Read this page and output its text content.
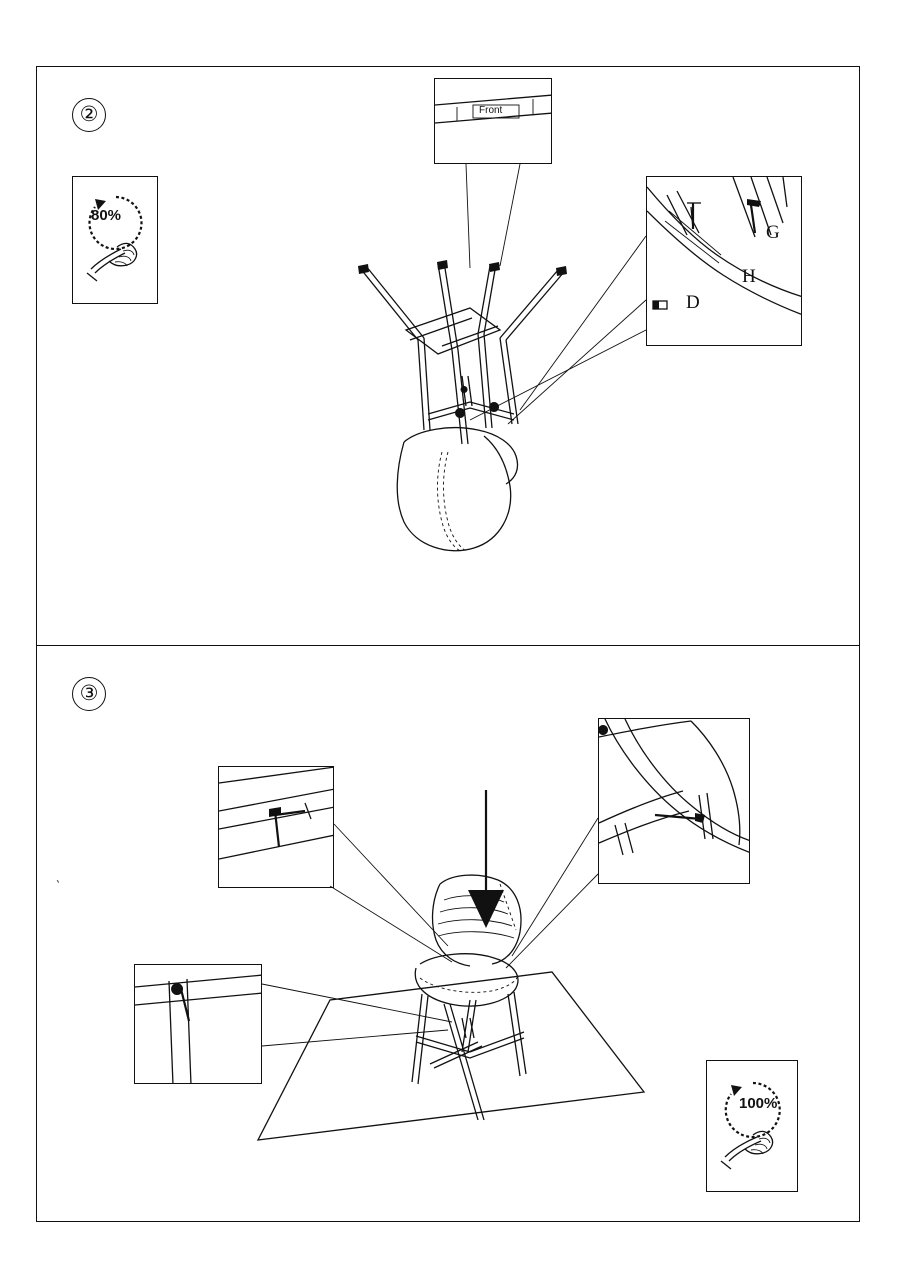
②
80%
Front
G
H
D
③
`
100%
